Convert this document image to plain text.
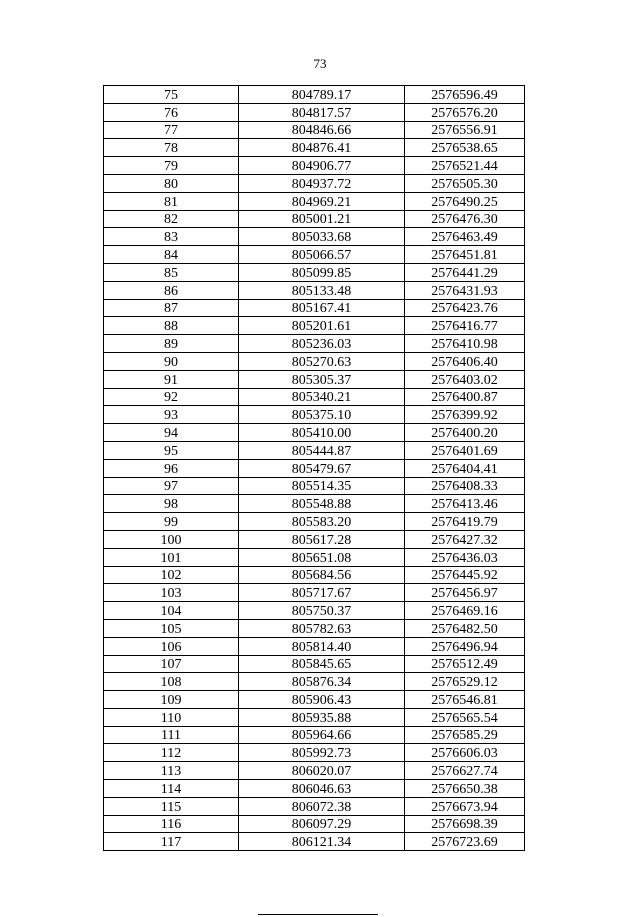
73
75	804789.17	2576596.49
76	804817.57	2576576.20
77	804846.66	2576556.91
78	804876.41	2576538.65
79	804906.77	2576521.44
80	804937.72	2576505.30
81	804969.21	2576490.25
82	805001.21	2576476.30
83	805033.68	2576463.49
84	805066.57	2576451.81
85	805099.85	2576441.29
86	805133.48	2576431.93
87	805167.41	2576423.76
88	805201.61	2576416.77
89	805236.03	2576410.98
90	805270.63	2576406.40
91	805305.37	2576403.02
92	805340.21	2576400.87
93	805375.10	2576399.92
94	805410.00	2576400.20
95	805444.87	2576401.69
96	805479.67	2576404.41
97	805514.35	2576408.33
98	805548.88	2576413.46
99	805583.20	2576419.79
100	805617.28	2576427.32
101	805651.08	2576436.03
102	805684.56	2576445.92
103	805717.67	2576456.97
104	805750.37	2576469.16
105	805782.63	2576482.50
106	805814.40	2576496.94
107	805845.65	2576512.49
108	805876.34	2576529.12
109	805906.43	2576546.81
110	805935.88	2576565.54
111	805964.66	2576585.29
112	805992.73	2576606.03
113	806020.07	2576627.74
114	806046.63	2576650.38
115	806072.38	2576673.94
116	806097.29	2576698.39
117	806121.34	2576723.69
